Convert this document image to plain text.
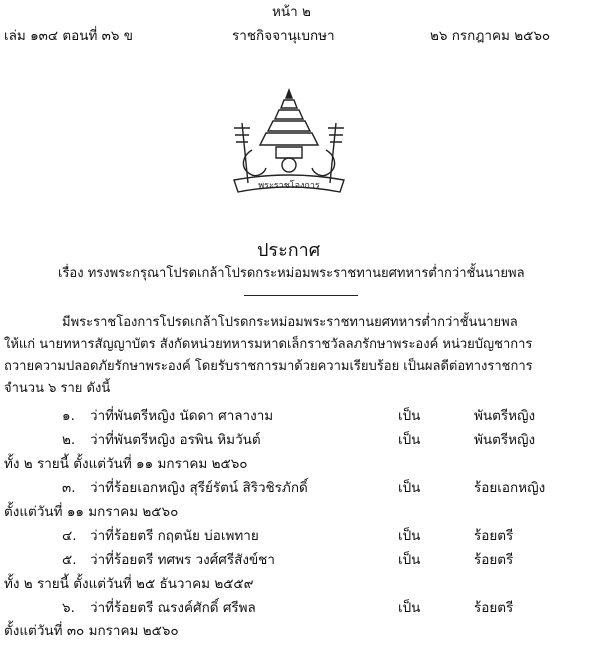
หน้า ๒
เล่ม ๑๓๔ ตอนที่ ๓๖ ข	ราชกิจจานุเบกษา	๒๖ กรกฎาคม ๒๕๖๐
พระราชโองการ
ประกาศ
เรื่อง ทรงพระกรุณาโปรดเกล้าโปรดกระหม่อมพระราชทานยศทหารต่ำกว่าชั้นนายพล
มีพระราชโองการโปรดเกล้าโปรดกระหม่อมพระราชทานยศทหารต่ำกว่าชั้นนายพล
ให้แก่ นายทหารสัญญาบัตร สังกัดหน่วยทหารมหาดเล็กราชวัลลภรักษาพระองค์ หน่วยบัญชาการ
ถวายความปลอดภัยรักษาพระองค์ โดยรับราชการมาด้วยความเรียบร้อย เป็นผลดีต่อทางราชการ
จำนวน ๖ ราย ดังนี้
๑. ว่าที่พันตรีหญิง นัดดา ศาลางาม	เป็น	พันตรีหญิง
๒. ว่าที่พันตรีหญิง อรพิน หิมวันต์	เป็น	พันตรีหญิง
ทั้ง ๒ รายนี้ ตั้งแต่วันที่ ๑๑ มกราคม ๒๕๖๐
๓. ว่าที่ร้อยเอกหญิง สุรีย์รัตน์ สิริวชิรภักดิ์	เป็น	ร้อยเอกหญิง
ตั้งแต่วันที่ ๑๑ มกราคม ๒๕๖๐
๔. ว่าที่ร้อยตรี กฤตนัย บ่อเพทาย	เป็น	ร้อยตรี
๕. ว่าที่ร้อยตรี ทศพร วงศ์ศรีสังข์ชา	เป็น	ร้อยตรี
ทั้ง ๒ รายนี้ ตั้งแต่วันที่ ๒๕ ธันวาคม ๒๕๕๙
๖. ว่าที่ร้อยตรี ณรงค์ศักดิ์ ศรีพล	เป็น	ร้อยตรี
ตั้งแต่วันที่ ๓๐ มกราคม ๒๕๖๐
